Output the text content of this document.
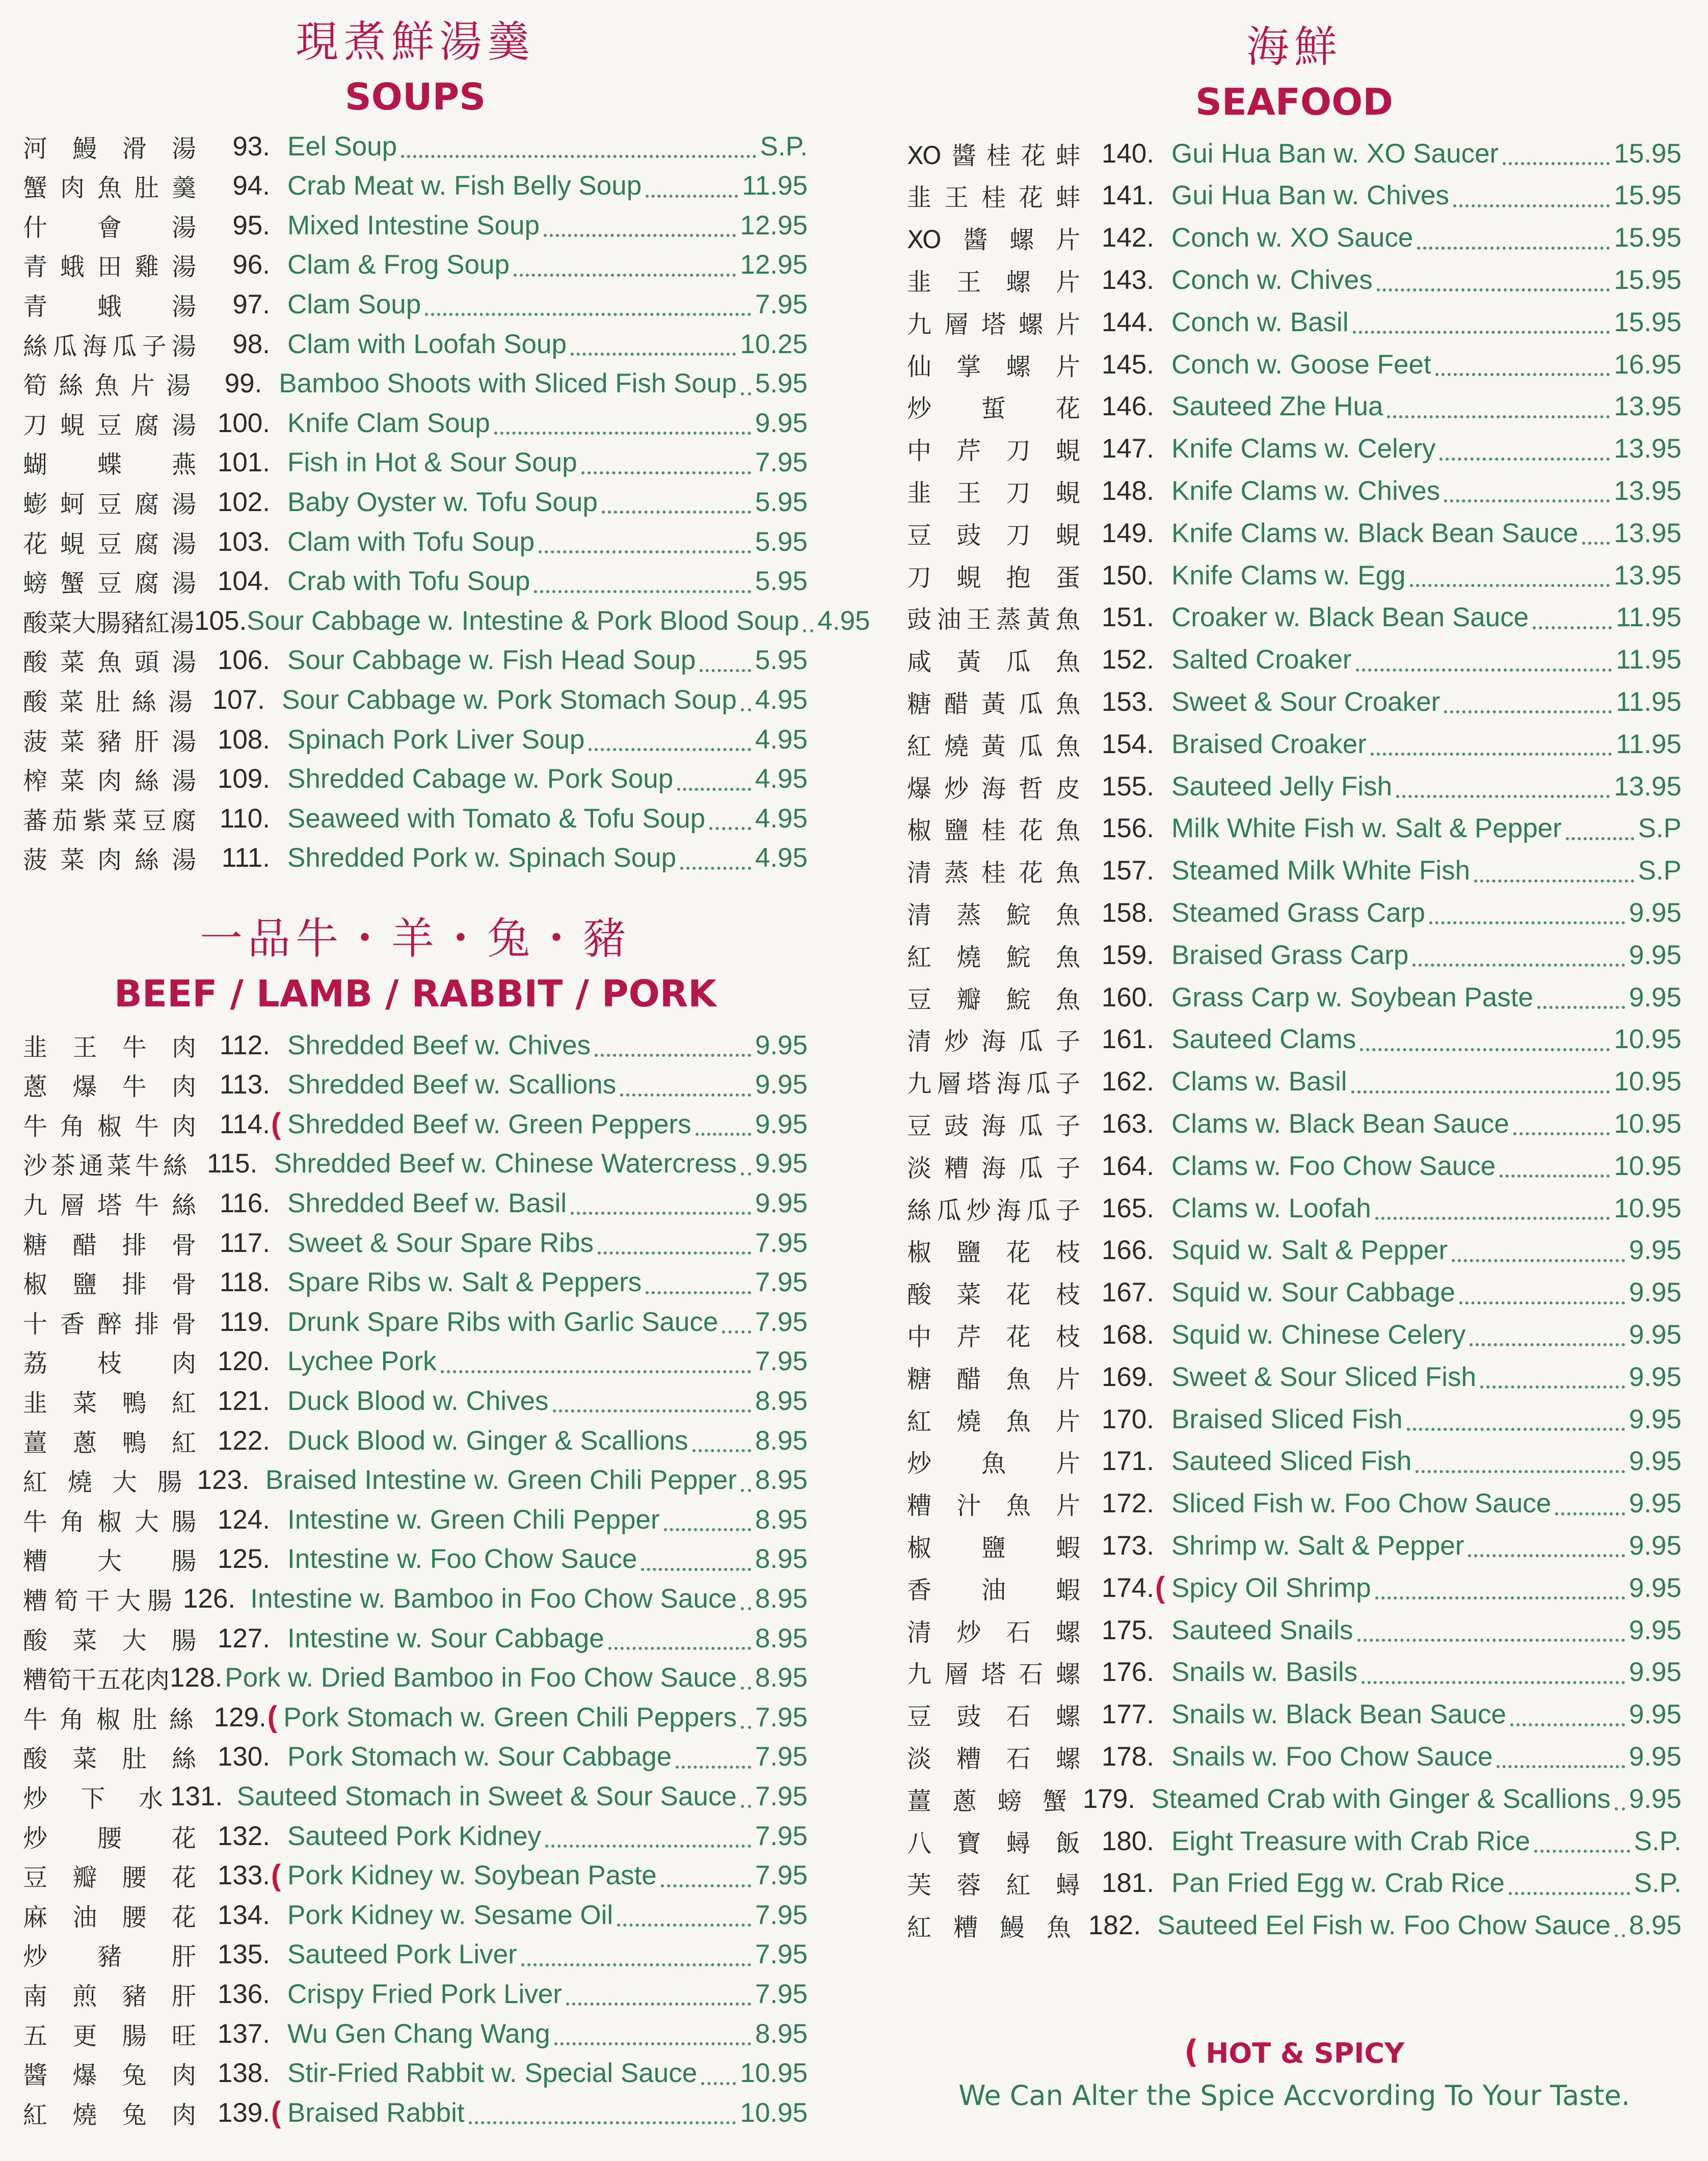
現煮鮮湯羹
SOUPS
河鰻滑湯	93. Eel Soup	S.P.
蟹肉魚肚羹	94. Crab Meat w. Fish Belly Soup	11.95
什會湯	95. Mixed Intestine Soup	12.95
青蛾田雞湯	96. Clam & Frog Soup	12.95
青蛾湯	97. Clam Soup	7.95
絲瓜海瓜子湯	98. Clam with Loofah Soup	10.25
筍絲魚片湯	99. Bamboo Shoots with Sliced Fish Soup 5.95
刀蜆豆腐湯 100. Knife Clam Soup	9.95
蝴蝶燕 101. Fish in Hot & Sour Soup	7.95
蟛蚵豆腐湯 102. Baby Oyster w. Tofu Soup	5.95
花蜆豆腐湯 103. Clam with Tofu Soup	5.95
螃蟹豆腐湯 104. Crab with Tofu Soup	5.95
酸菜大腸豬紅湯 105. Sour Cabbage w. Intestine & Pork Blood Soup 4.95
酸菜魚頭湯 106. Sour Cabbage w. Fish Head Soup 5.95
酸菜肚絲湯 107. Sour Cabbage w. Pork Stomach Soup 4.95
菠菜豬肝湯 108. Spinach Pork Liver Soup	4.95
榨菜肉絲湯 109. Shredded Cabage w. Pork Soup	4.95
蕃茄紫菜豆腐 110. Seaweed with Tomato & Tofu Soup 4.95
菠菜肉絲湯 111. Shredded Pork w. Spinach Soup	4.95
一品牛・羊・兔・豬
BEEF / LAMB / RABBIT / PORK
韭王牛肉 112. Shredded Beef w. Chives	9.95
蔥爆牛肉 113. Shredded Beef w. Scallions	9.95
牛角椒牛肉 114. ( Shredded Beef w. Green Peppers 9.95
沙茶通菜牛絲 115. Shredded Beef w. Chinese Watercress 9.95
九層塔牛絲 116. Shredded Beef w. Basil	9.95
糖醋排骨 117. Sweet & Sour Spare Ribs	7.95
椒鹽排骨 118. Spare Ribs w. Salt & Peppers	7.95
十香醉排骨 119. Drunk Spare Ribs with Garlic Sauce 7.95
荔枝肉 120. Lychee Pork	7.95
韭菜鴨紅 121. Duck Blood w. Chives	8.95
薑蔥鴨紅 122. Duck Blood w. Ginger & Scallions 8.95
紅燒大腸 123. Braised Intestine w. Green Chili Pepper 8.95
牛角椒大腸 124. Intestine w. Green Chili Pepper	8.95
糟大腸 125. Intestine w. Foo Chow Sauce	8.95
糟筍干大腸 126. Intestine w. Bamboo in Foo Chow Sauce 8.95
酸菜大腸 127. Intestine w. Sour Cabbage	8.95
糟筍干五花肉 128. Pork w. Dried Bamboo in Foo Chow Sauce 8.95
牛角椒肚絲 129. ( Pork Stomach w. Green Chili Peppers 7.95
酸菜肚絲 130. Pork Stomach w. Sour Cabbage	7.95
炒下水 131. Sauteed Stomach in Sweet & Sour Sauce 7.95
炒腰花 132. Sauteed Pork Kidney	7.95
豆瓣腰花 133. ( Pork Kidney w. Soybean Paste	7.95
麻油腰花 134. Pork Kidney w. Sesame Oil	7.95
炒豬肝 135. Sauteed Pork Liver	7.95
南煎豬肝 136. Crispy Fried Pork Liver	7.95
五更腸旺 137. Wu Gen Chang Wang	8.95
醬爆兔肉 138. Stir-Fried Rabbit w. Special Sauce 10.95
紅燒兔肉 139. ( Braised Rabbit	10.95
海鮮
SEAFOOD
XO醬桂花蚌 140. Gui Hua Ban w. XO Saucer	15.95
韭王桂花蚌 141. Gui Hua Ban w. Chives	15.95
XO醬螺片 142. Conch w. XO Sauce	15.95
韭王螺片 143. Conch w. Chives	15.95
九層塔螺片 144. Conch w. Basil	15.95
仙掌螺片 145. Conch w. Goose Feet	16.95
炒蜇花 146. Sauteed Zhe Hua	13.95
中芹刀蜆 147. Knife Clams w. Celery	13.95
韭王刀蜆 148. Knife Clams w. Chives	13.95
豆豉刀蜆 149. Knife Clams w. Black Bean Sauce 13.95
刀蜆抱蛋 150. Knife Clams w. Egg	13.95
豉油王蒸黃魚 151. Croaker w. Black Bean Sauce	11.95
咸黃瓜魚 152. Salted Croaker	11.95
糖醋黃瓜魚 153. Sweet & Sour Croaker	11.95
紅燒黃瓜魚 154. Braised Croaker	11.95
爆炒海哲皮 155. Sauteed Jelly Fish	13.95
椒鹽桂花魚 156. Milk White Fish w. Salt & Pepper	S.P
清蒸桂花魚 157. Steamed Milk White Fish	S.P
清蒸鯇魚 158. Steamed Grass Carp	9.95
紅燒鯇魚 159. Braised Grass Carp	9.95
豆瓣鯇魚 160. Grass Carp w. Soybean Paste	9.95
清炒海瓜子 161. Sauteed Clams	10.95
九層塔海瓜子 162. Clams w. Basil	10.95
豆豉海瓜子 163. Clams w. Black Bean Sauce	10.95
淡糟海瓜子 164. Clams w. Foo Chow Sauce	10.95
絲瓜炒海瓜子 165. Clams w. Loofah	10.95
椒鹽花枝 166. Squid w. Salt & Pepper	9.95
酸菜花枝 167. Squid w. Sour Cabbage	9.95
中芹花枝 168. Squid w. Chinese Celery	9.95
糖醋魚片 169. Sweet & Sour Sliced Fish	9.95
紅燒魚片 170. Braised Sliced Fish	9.95
炒魚片 171. Sauteed Sliced Fish	9.95
糟汁魚片 172. Sliced Fish w. Foo Chow Sauce	9.95
椒鹽蝦 173. Shrimp w. Salt & Pepper	9.95
香油蝦 174. ( Spicy Oil Shrimp	9.95
清炒石螺 175. Sauteed Snails	9.95
九層塔石螺 176. Snails w. Basils	9.95
豆豉石螺 177. Snails w. Black Bean Sauce	9.95
淡糟石螺 178. Snails w. Foo Chow Sauce	9.95
薑蔥螃蟹 179. Steamed Crab with Ginger & Scallions 9.95
八寶蟳飯 180. Eight Treasure with Crab Rice	S.P.
芙蓉紅蟳 181. Pan Fried Egg w. Crab Rice	S.P.
紅糟鰻魚 182. Sauteed Eel Fish w. Foo Chow Sauce 8.95
( HOT & SPICY
We Can Alter the Spice Accvording To Your Taste.
